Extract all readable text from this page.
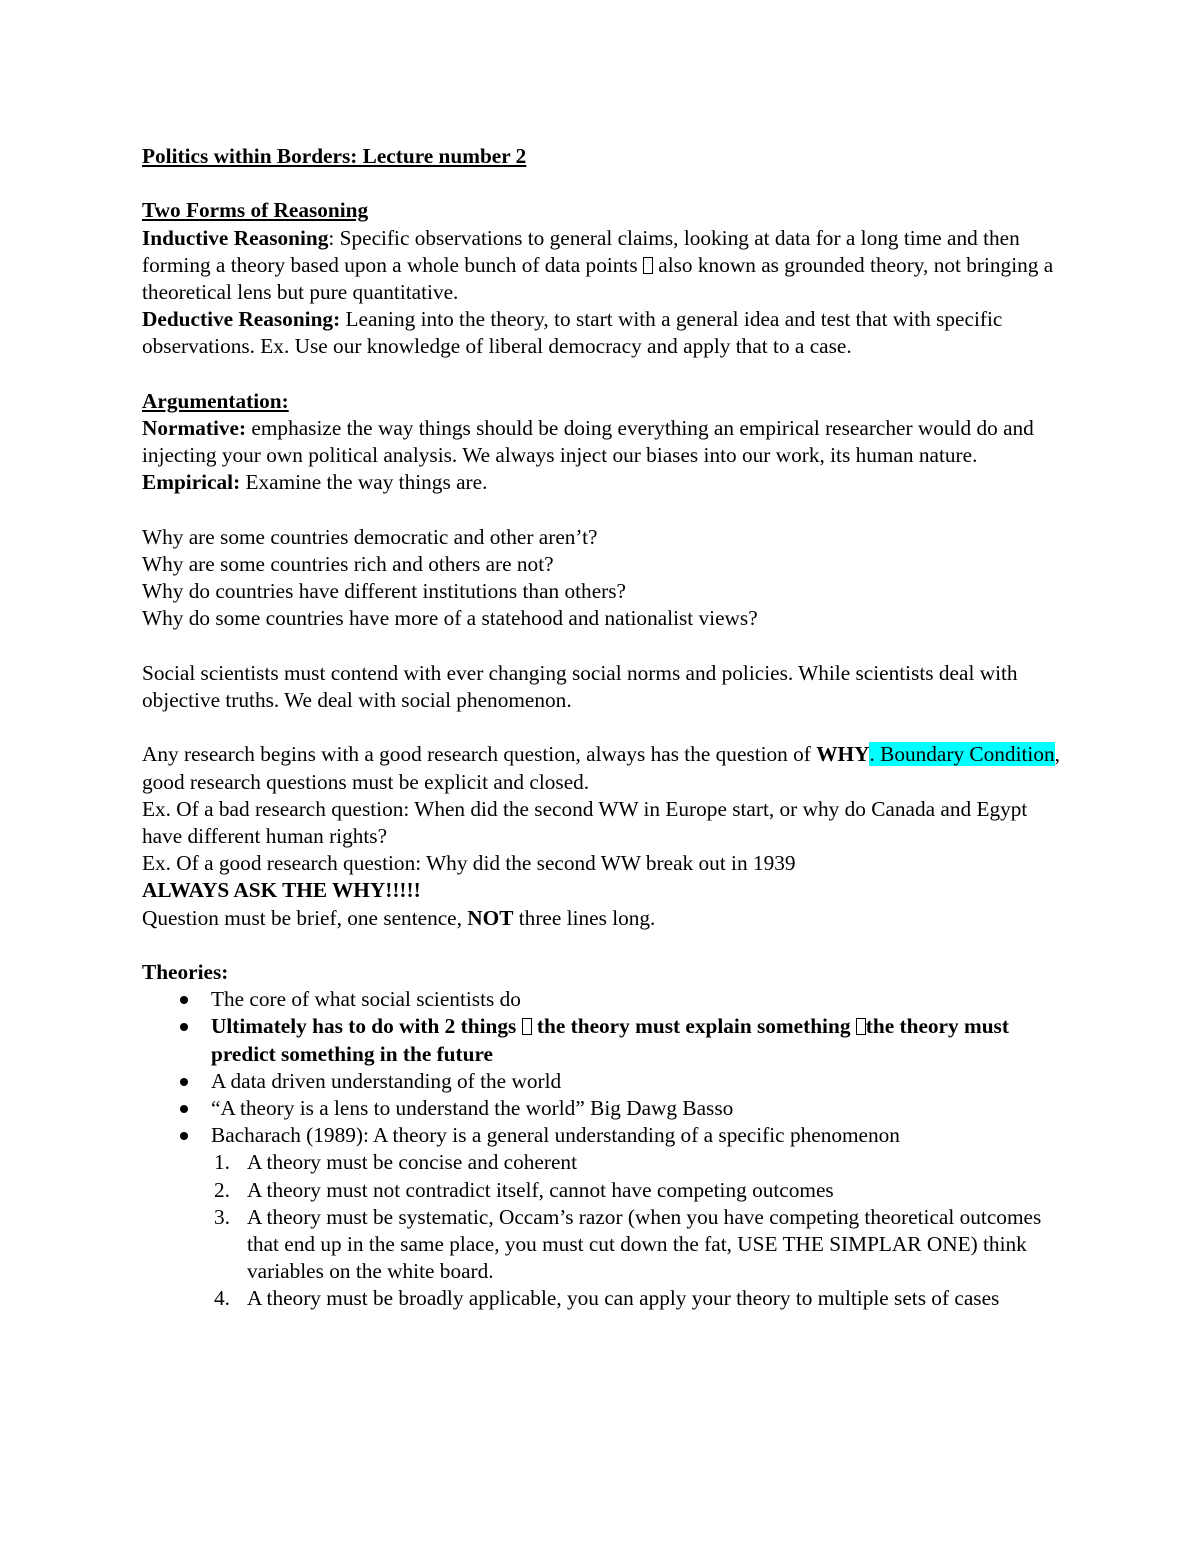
Politics within Borders: Lecture number 2

Two Forms of Reasoning

Inductive Reasoning: Specific observations to general claims, looking at data for a long time and then forming a theory based upon a whole bunch of data points  also known as grounded theory, not bringing a theoretical lens but pure quantitative.

Deductive Reasoning: Leaning into the theory, to start with a general idea and test that with specific observations. Ex. Use our knowledge of liberal democracy and apply that to a case.

Argumentation:

Normative: emphasize the way things should be doing everything an empirical researcher would do and injecting your own political analysis. We always inject our biases into our work, its human nature.

Empirical: Examine the way things are.

Why are some countries democratic and other aren’t?

Why are some countries rich and others are not?

Why do countries have different institutions than others?

Why do some countries have more of a statehood and nationalist views?

Social scientists must contend with ever changing social norms and policies. While scientists deal with objective truths. We deal with social phenomenon.

Any research begins with a good research question, always has the question of WHY. Boundary Condition, good research questions must be explicit and closed.

Ex. Of a bad research question: When did the second WW in Europe start, or why do Canada and Egypt have different human rights?

Ex. Of a good research question: Why did the second WW break out in 1939

ALWAYS ASK THE WHY!!!!!

Question must be brief, one sentence, NOT three lines long.

Theories:

The core of what social scientists do
Ultimately has to do with 2 things  the theory must explain something the theory must predict something in the future
A data driven understanding of the world
“A theory is a lens to understand the world” Big Dawg Basso
Bacharach (1989): A theory is a general understanding of a specific phenomenon
1. A theory must be concise and coherent
2. A theory must not contradict itself, cannot have competing outcomes
3. A theory must be systematic, Occam’s razor (when you have competing theoretical outcomes that end up in the same place, you must cut down the fat, USE THE SIMPLAR ONE) think variables on the white board.
4. A theory must be broadly applicable, you can apply your theory to multiple sets of cases
